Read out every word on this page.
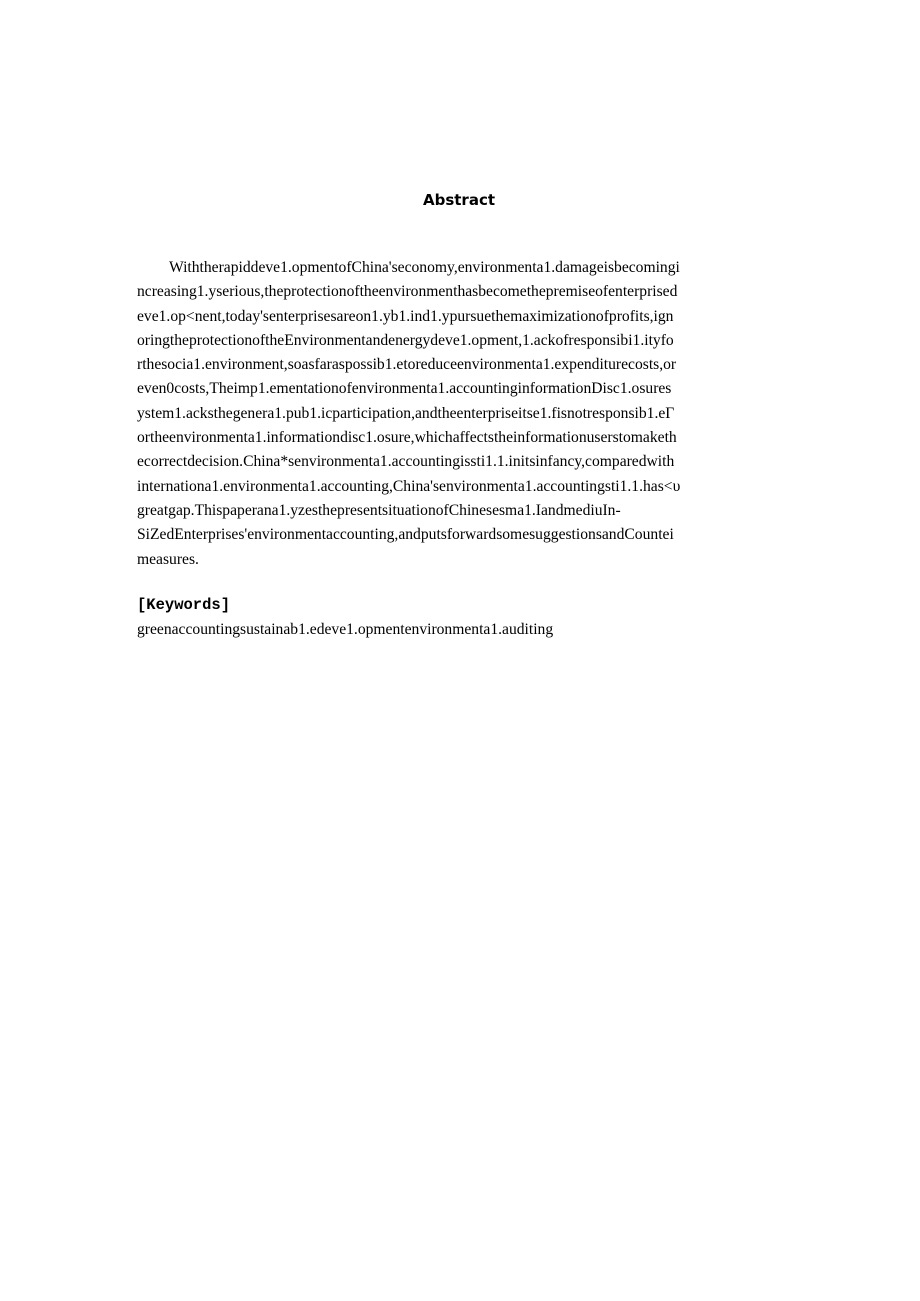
Abstract
Withtherapiddeve1.opmentofChina'seconomy,environmenta1.damageisbecomingi
ncreasing1.yserious,theprotectionoftheenvironmenthasbecomethepremiseofenterprised
eve1.op<nent,today'senterprisesareon1.yb1.ind1.ypursuethemaximizationofprofits,ign
oringtheprotectionoftheEnvironmentandenergydeve1.opment,1.ackofresponsibi1.ityfo
rthesocia1.environment,soasfaraspossib1.etoreduceenvironmenta1.expenditurecosts,or
even0costs,Theimp1.ementationofenvironmenta1.accountinginformationDisc1.osures
ystem1.acksthegenera1.pub1.icparticipation,andtheenterpriseitse1.fisnotresponsib1.eΓ
ortheenvironmenta1.informationdisc1.osure,whichaffectstheinformationuserstomaketh
ecorrectdecision.China*senvironmenta1.accountingissti1.1.initsinfancy,comparedwith
internationa1.environmenta1.accounting,China'senvironmenta1.accountingsti1.1.has<υ
greatgap.Thispaperana1.yzesthepresentsituationofChinesesma1.IandmediuIn-
SiZedEnterprises'environmentaccounting,andputsforwardsomesuggestionsandCountei
measures.
[Keywords]
greenaccountingsustainab1.edeve1.opmentenvironmenta1.auditing
